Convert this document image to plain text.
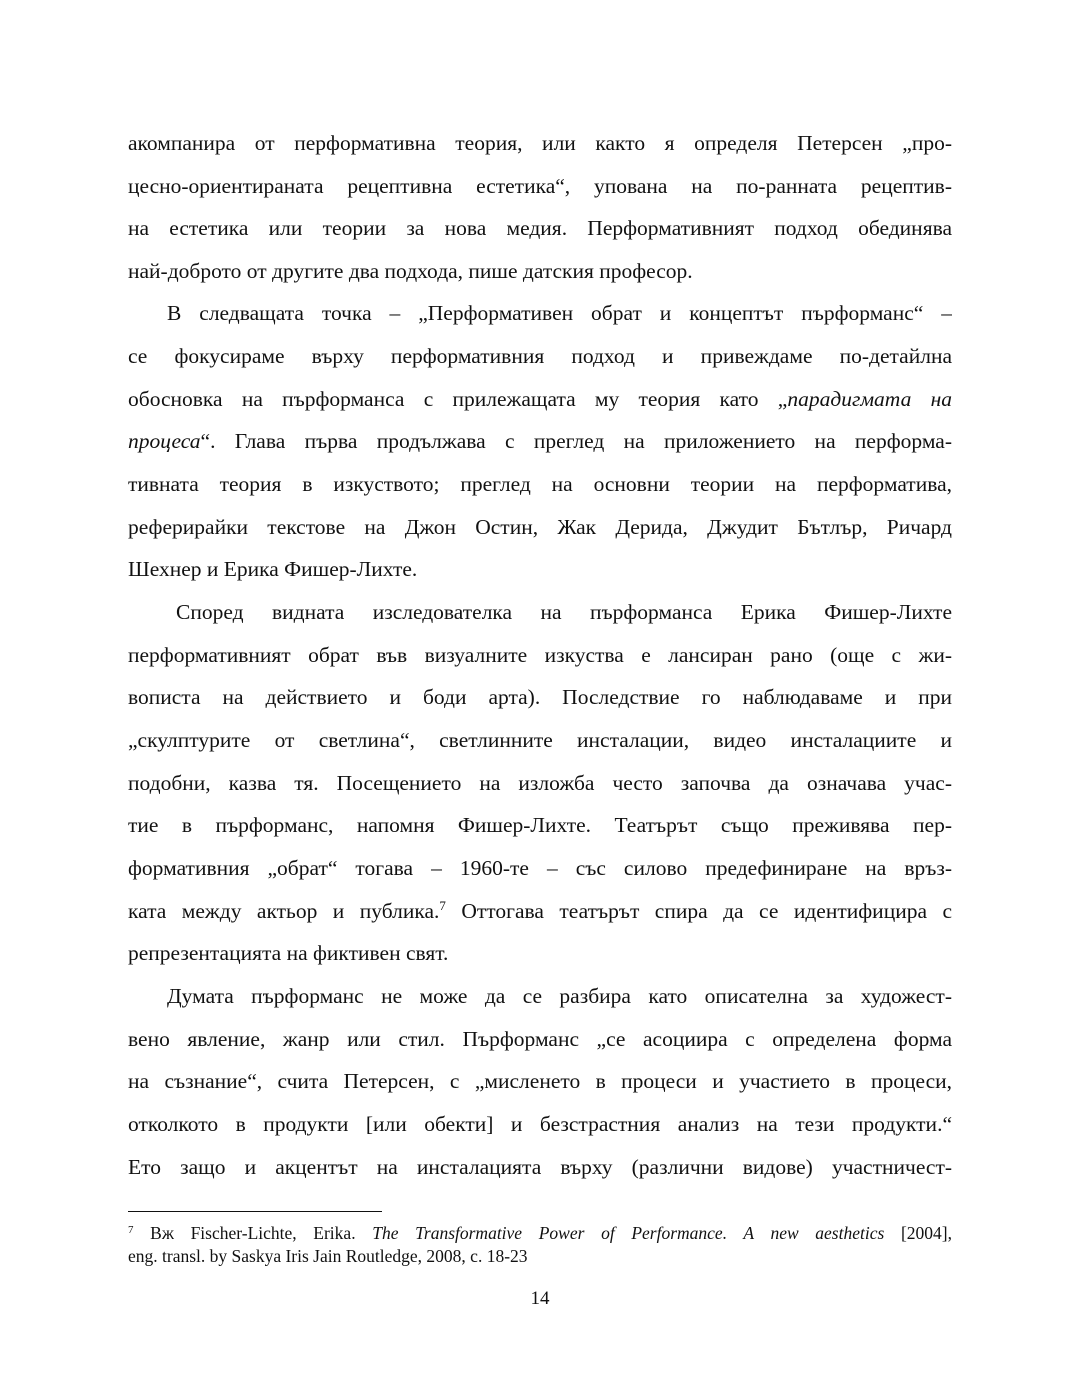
акомпанира от перформативна теория, или както я определя Петерсен „про-
цесно-ориентираната рецептивна естетика“, упована на по-ранната рецептив-
на естетика или теории за нова медия. Перформативният подход обединява
най-доброто от другите два подхода, пише датския професор.
В следващата точка – „Перформативен обрат и концептът пърформанс“ –
се фокусираме върху перформативния подход и привеждаме по-детайлна
обосновка на пърформанса с прилежащата му теория като „парадигмата на
процеса“. Глава първа продължава с преглед на приложението на перформа-
тивната теория в изкуството; преглед на основни теории на перформатива,
реферирайки текстове на Джон Остин, Жак Дерида, Джудит Бътлър, Ричард
Шехнер и Ерика Фишер-Лихте.
Според видната изследователка на пърформанса Ерика Фишер-Лихте
перформативният обрат във визуалните изкуства е лансиран рано (още с жи-
вописта на действието и боди арта). Последствие го наблюдаваме и при
„скулптурите от светлина“, светлинните инсталации, видео инсталациите и
подобни, казва тя. Посещението на изложба често започва да означава учас-
тие в пърформанс, напомня Фишер-Лихте. Театърът също преживява пер-
формативния „обрат“ тогава – 1960-те – със силово предефиниране на връз-
ката между актьор и публика.$^7$ Оттогава театърът спира да се идентифицира с
репрезентацията на фиктивен свят.
Думата пърформанс не може да се разбира като описателна за художест-
вено явление, жанр или стил. Пърформанс „се асоциира с определена форма
на съзнание“, счита Петерсен, с „мисленето в процеси и участието в процеси,
отколкото в продукти [или обекти] и безстрастния анализ на тези продукти.“
Ето защо и акцентът на инсталацията върху (различни видове) участничест-
$^7$ Вж Fischer-Lichte, Erika. The Transformative Power of Performance. A new aesthetics [2004],
eng. transl. by Saskya Iris Jain Routledge, 2008, c. 18-23
14
